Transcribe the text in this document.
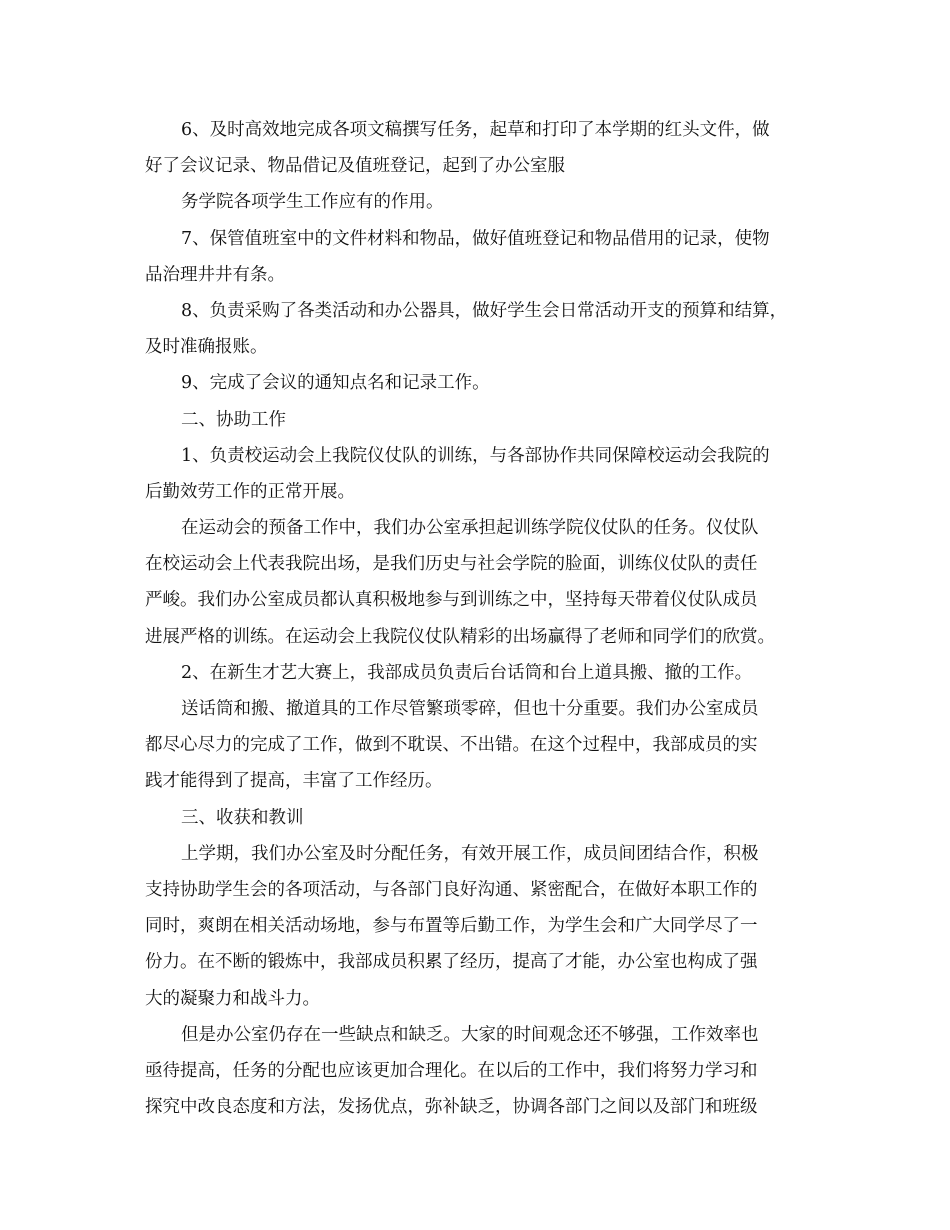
6、及时高效地完成各项文稿撰写任务，起草和打印了本学期的红头文件，做
好了会议记录、物品借记及值班登记，起到了办公室服
务学院各项学生工作应有的作用。
7、保管值班室中的文件材料和物品，做好值班登记和物品借用的记录，使物
品治理井井有条。
8、负责采购了各类活动和办公器具，做好学生会日常活动开支的预算和结算，
及时准确报账。
9、完成了会议的通知点名和记录工作。
二、协助工作
1、负责校运动会上我院仪仗队的训练，与各部协作共同保障校运动会我院的
后勤效劳工作的正常开展。
在运动会的预备工作中，我们办公室承担起训练学院仪仗队的任务。仪仗队
在校运动会上代表我院出场，是我们历史与社会学院的脸面，训练仪仗队的责任
严峻。我们办公室成员都认真积极地参与到训练之中，坚持每天带着仪仗队成员
进展严格的训练。在运动会上我院仪仗队精彩的出场赢得了老师和同学们的欣赏。
2、在新生才艺大赛上，我部成员负责后台话筒和台上道具搬、撤的工作。
送话筒和搬、撤道具的工作尽管繁琐零碎，但也十分重要。我们办公室成员
都尽心尽力的完成了工作，做到不耽误、不出错。在这个过程中，我部成员的实
践才能得到了提高，丰富了工作经历。
三、收获和教训
上学期，我们办公室及时分配任务，有效开展工作，成员间团结合作，积极
支持协助学生会的各项活动，与各部门良好沟通、紧密配合，在做好本职工作的
同时，爽朗在相关活动场地，参与布置等后勤工作，为学生会和广大同学尽了一
份力。在不断的锻炼中，我部成员积累了经历，提高了才能，办公室也构成了强
大的凝聚力和战斗力。
但是办公室仍存在一些缺点和缺乏。大家的时间观念还不够强，工作效率也
亟待提高，任务的分配也应该更加合理化。在以后的工作中，我们将努力学习和
探究中改良态度和方法，发扬优点，弥补缺乏，协调各部门之间以及部门和班级
